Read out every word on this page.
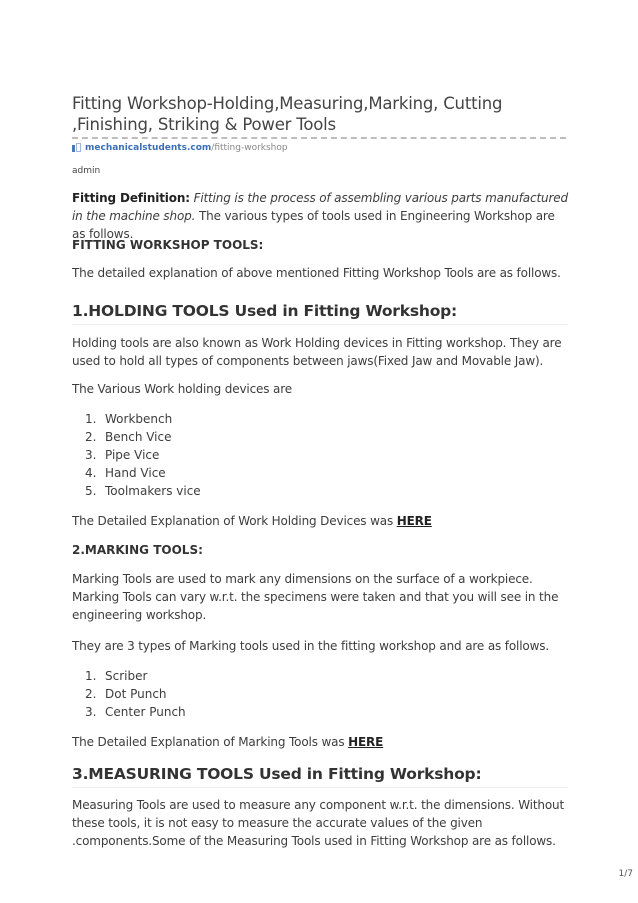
Fitting Workshop-Holding,Measuring,Marking, Cutting ,Finishing, Striking & Power Tools
mechanicalstudents.com /fitting-workshop
admin

Fitting Definition: Fitting is the process of assembling various parts manufactured in the machine shop. The various types of tools used in Engineering Workshop are as follows.

FITTING WORKSHOP TOOLS:

The detailed explanation of above mentioned Fitting Workshop Tools are as follows.

1.HOLDING TOOLS Used in Fitting Workshop:

Holding tools are also known as Work Holding devices in Fitting workshop. They are used to hold all types of components between jaws(Fixed Jaw and Movable Jaw).

The Various Work holding devices are

1. Workbench
2. Bench Vice
3. Pipe Vice
4. Hand Vice
5. Toolmakers vice

The Detailed Explanation of Work Holding Devices was HERE

2.MARKING TOOLS:

Marking Tools are used to mark any dimensions on the surface of a workpiece. Marking Tools can vary w.r.t. the specimens were taken and that you will see in the engineering workshop.

They are 3 types of Marking tools used in the fitting workshop and are as follows.

1. Scriber
2. Dot Punch
3. Center Punch

The Detailed Explanation of Marking Tools was HERE

3.MEASURING TOOLS Used in Fitting Workshop:

Measuring Tools are used to measure any component w.r.t. the dimensions. Without these tools, it is not easy to measure the accurate values of the given .components.Some of the Measuring Tools used in Fitting Workshop are as follows.

1/7
